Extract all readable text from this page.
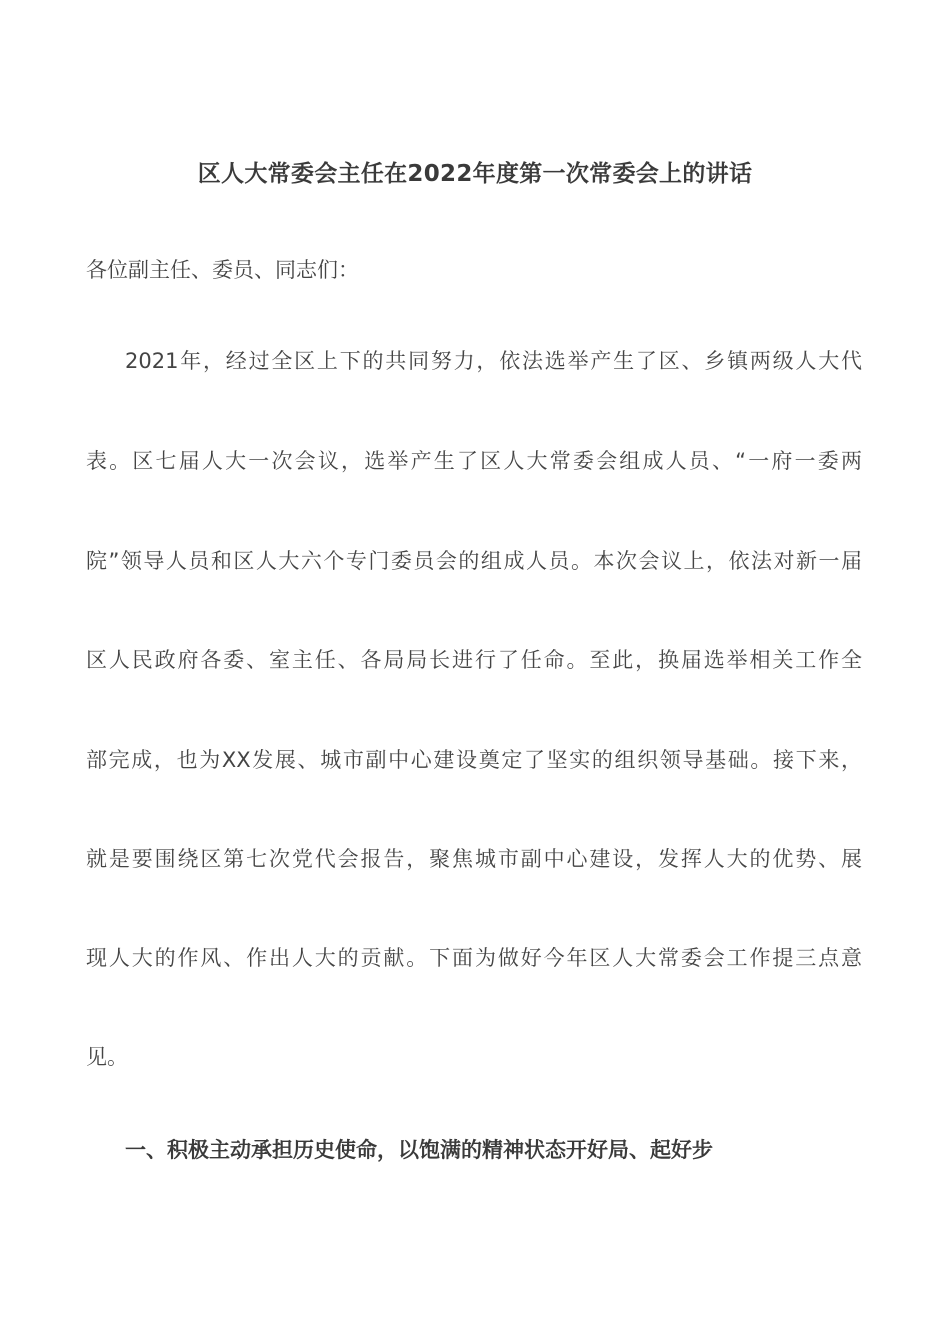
区人大常委会主任在2022年度第一次常委会上的讲话
各位副主任、委员、同志们：
2021年，经过全区上下的共同努力，依法选举产生了区、乡镇两级人大代
表。区七届人大一次会议，选举产生了区人大常委会组成人员、“一府一委两
院”领导人员和区人大六个专门委员会的组成人员。本次会议上，依法对新一届
区人民政府各委、室主任、各局局长进行了任命。至此，换届选举相关工作全
部完成，也为XX发展、城市副中心建设奠定了坚实的组织领导基础。接下来，
就是要围绕区第七次党代会报告，聚焦城市副中心建设，发挥人大的优势、展
现人大的作风、作出人大的贡献。下面为做好今年区人大常委会工作提三点意
见。
一、积极主动承担历史使命，以饱满的精神状态开好局、起好步
